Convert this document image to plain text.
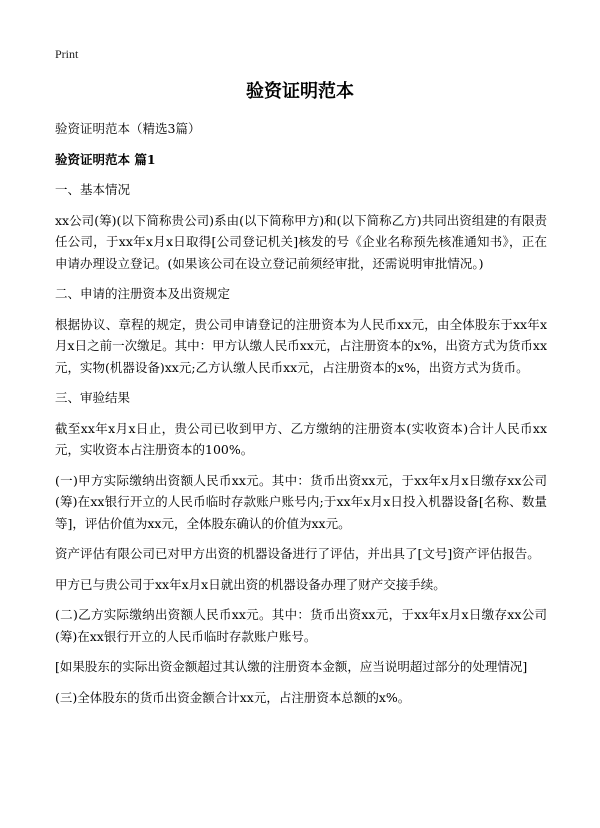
Print
验资证明范本

验资证明范本（精选3篇）

验资证明范本 篇1

一、基本情况

xx公司(筹)(以下简称贵公司)系由(以下简称甲方)和(以下简称乙方)共同出资组建的有限责任公司，于xx年x月x日取得[公司登记机关]核发的号《企业名称预先核准通知书》，正在申请办理设立登记。(如果该公司在设立登记前须经审批，还需说明审批情况。)

二、申请的注册资本及出资规定

根据协议、章程的规定，贵公司申请登记的注册资本为人民币xx元，由全体股东于xx年x月x日之前一次缴足。其中：甲方认缴人民币xx元，占注册资本的x%，出资方式为货币xx元，实物(机器设备)xx元;乙方认缴人民币xx元，占注册资本的x%，出资方式为货币。

三、审验结果

截至xx年x月x日止，贵公司已收到甲方、乙方缴纳的注册资本(实收资本)合计人民币xx元，实收资本占注册资本的100%。

(一)甲方实际缴纳出资额人民币xx元。其中：货币出资xx元，于xx年x月x日缴存xx公司(筹)在xx银行开立的人民币临时存款账户账号内;于xx年x月x日投入机器设备[名称、数量等]，评估价值为xx元，全体股东确认的价值为xx元。

资产评估有限公司已对甲方出资的机器设备进行了评估，并出具了[文号]资产评估报告。

甲方已与贵公司于xx年x月x日就出资的机器设备办理了财产交接手续。

(二)乙方实际缴纳出资额人民币xx元。其中：货币出资xx元，于xx年x月x日缴存xx公司(筹)在xx银行开立的人民币临时存款账户账号。

[如果股东的实际出资金额超过其认缴的注册资本金额，应当说明超过部分的处理情况]

(三)全体股东的货币出资金额合计xx元，占注册资本总额的x%。
